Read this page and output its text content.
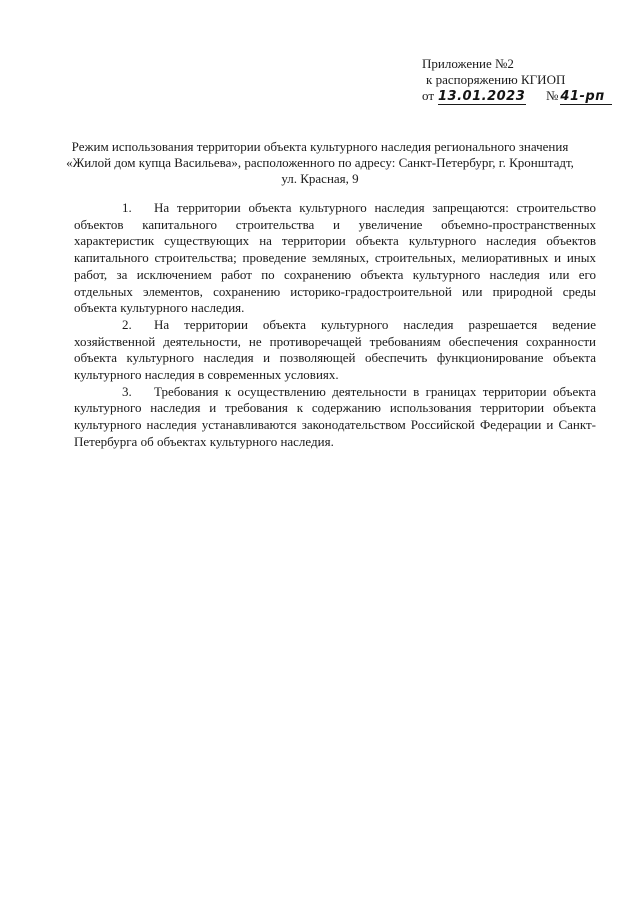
Приложение №2
к распоряжению КГИОП
от 13.01.2023 № 41-рп
Режим использования территории объекта культурного наследия регионального значения
«Жилой дом купца Васильева», расположенного по адресу: Санкт-Петербург, г. Кронштадт,
ул. Красная, 9

1. На территории объекта культурного наследия запрещаются: строительство объектов капитального строительства и увеличение объемно-пространственных характеристик существующих на территории объекта культурного наследия объектов капитального строительства; проведение земляных, строительных, мелиоративных и иных работ, за исключением работ по сохранению объекта культурного наследия или его отдельных элементов, сохранению историко-градостроительной или природной среды объекта культурного наследия.

2. На территории объекта культурного наследия разрешается ведение хозяйственной деятельности, не противоречащей требованиям обеспечения сохранности объекта культурного наследия и позволяющей обеспечить функционирование объекта культурного наследия в современных условиях.

3. Требования к осуществлению деятельности в границах территории объекта культурного наследия и требования к содержанию использования территории объекта культурного наследия устанавливаются законодательством Российской Федерации и Санкт-Петербурга об объектах культурного наследия.
